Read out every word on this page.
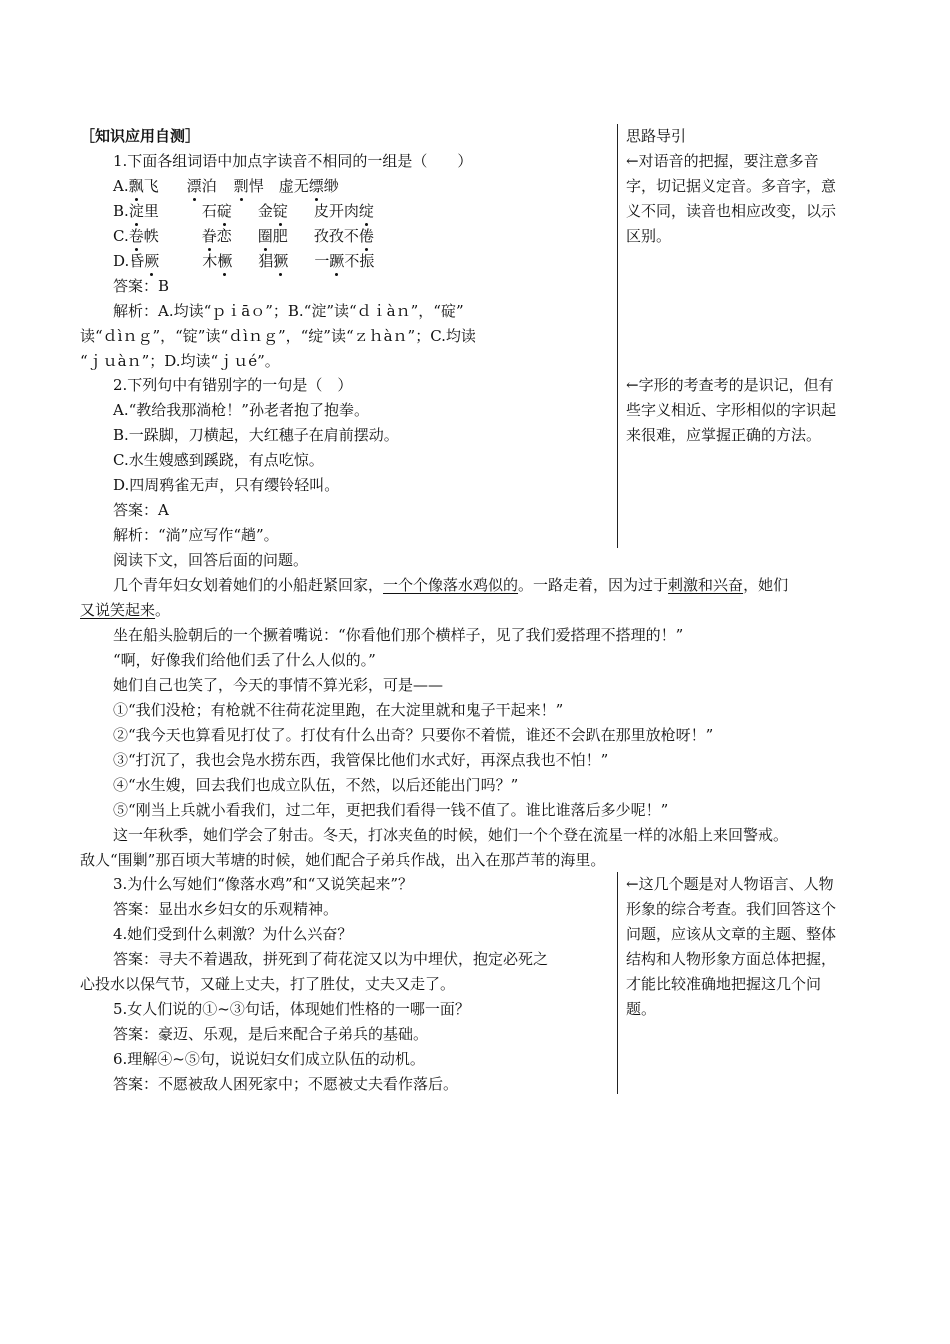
［知识应用自测］	思路导引
←对语音的把握，要注意多音
字，切记据义定音。多音字，意
义不同，读音也相应改变，以示
区别。
←字形的考查考的是识记，但有
些字义相近、字形相似的字识起
来很难，应掌握正确的方法。
←这几个题是对人物语言、人物
形象的综合考查。我们回答这个
问题，应该从文章的主题、整体
结构和人物形象方面总体把握，
才能比较准确地把握这几个问
题。
1.下面各组词语中加点字读音不相同的一组是（　　）
A.飘飞 漂泊 剽悍 虚无缥缈
B.淀里	石碇 金锭 皮开肉绽
C.卷帙	眷恋 圈肥 孜孜不倦
D.昏厥	木橛 猖獗 一蹶不振
答案：B
解析：A.均读“ｐｉāｏ”；B.“淀”读“ｄｉàｎ”，“碇”
读“ｄìｎｇ”，“锭”读“ｄìｎｇ”，“绽”读“ｚｈàｎ”；C.均读
“ｊｕàｎ”；D.均读“ｊｕé”。
2.下列句中有错别字的一句是（　）
A.“教给我那淌枪！”孙老者抱了抱拳。
B.一跺脚，刀横起，大红穗子在肩前摆动。
C.水生嫂感到蹊跷，有点吃惊。
D.四周鸦雀无声，只有缨铃轻叫。
答案：A
解析：“淌”应写作“趟”。
阅读下文，回答后面的问题。
几个青年妇女划着她们的小船赶紧回家，一个个像落水鸡似的。一路走着，因为过于刺激和兴奋，她们
又说笑起来。
坐在船头脸朝后的一个撅着嘴说：“你看他们那个横样子，见了我们爱搭理不搭理的！”
“啊，好像我们给他们丢了什么人似的。”
她们自己也笑了，今天的事情不算光彩，可是——
①“我们没枪；有枪就不往荷花淀里跑，在大淀里就和鬼子干起来！”
②“我今天也算看见打仗了。打仗有什么出奇？只要你不着慌，谁还不会趴在那里放枪呀！”
③“打沉了，我也会凫水捞东西，我管保比他们水式好，再深点我也不怕！”
④“水生嫂，回去我们也成立队伍，不然，以后还能出门吗？”
⑤“刚当上兵就小看我们，过二年，更把我们看得一钱不值了。谁比谁落后多少呢！”
这一年秋季，她们学会了射击。冬天，打冰夹鱼的时候，她们一个个登在流星一样的冰船上来回警戒。
敌人“围剿”那百顷大苇塘的时候，她们配合子弟兵作战，出入在那芦苇的海里。
3.为什么写她们“像落水鸡”和“又说笑起来”？
答案：显出水乡妇女的乐观精神。
4.她们受到什么刺激？为什么兴奋？
答案：寻夫不着遇敌，拼死到了荷花淀又以为中埋伏，抱定必死之
心投水以保气节，又碰上丈夫，打了胜仗，丈夫又走了。
5.女人们说的①~③句话，体现她们性格的一哪一面？
答案：豪迈、乐观，是后来配合子弟兵的基础。
6.理解④~⑤句，说说妇女们成立队伍的动机。
答案：不愿被敌人困死家中；不愿被丈夫看作落后。
